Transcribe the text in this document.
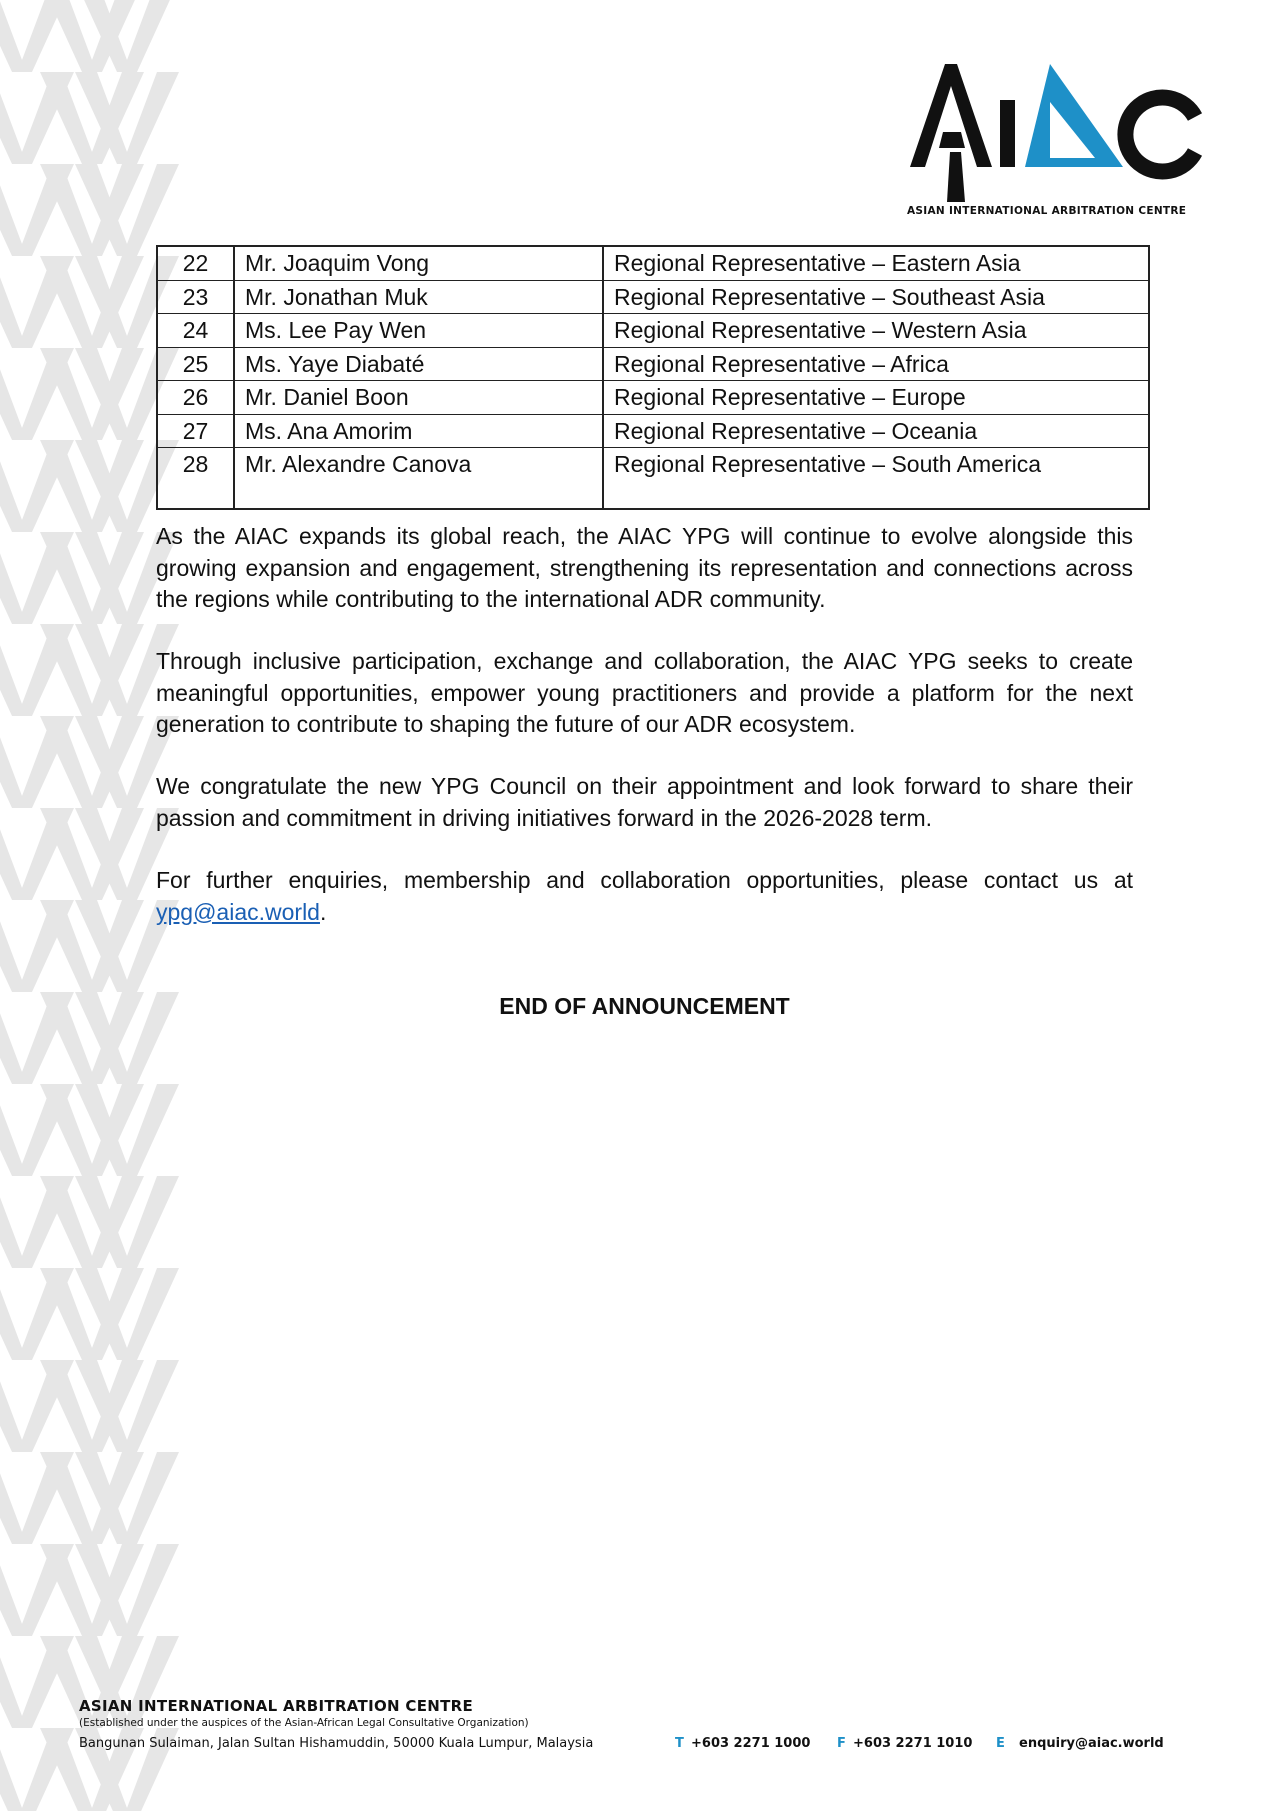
ASIAN INTERNATIONAL ARBITRATION CENTRE
22	Mr. Joaquim Vong	Regional Representative – Eastern Asia
23	Mr. Jonathan Muk	Regional Representative – Southeast Asia
24	Ms. Lee Pay Wen	Regional Representative – Western Asia
25	Ms. Yaye Diabaté	Regional Representative – Africa
26	Mr. Daniel Boon	Regional Representative – Europe
27	Ms. Ana Amorim	Regional Representative – Oceania
28	Mr. Alexandre Canova	Regional Representative – South America

As the AIAC expands its global reach, the AIAC YPG will continue to evolve alongside this growing expansion and engagement, strengthening its representation and connections across the regions while contributing to the international ADR community.

Through inclusive participation, exchange and collaboration, the AIAC YPG seeks to create meaningful opportunities, empower young practitioners and provide a platform for the next generation to contribute to shaping the future of our ADR ecosystem.

We congratulate the new YPG Council on their appointment and look forward to share their passion and commitment in driving initiatives forward in the 2026-2028 term.

For further enquiries, membership and collaboration opportunities, please contact us at ypg@aiac.world.

END OF ANNOUNCEMENT
ASIAN INTERNATIONAL ARBITRATION CENTRE
(Established under the auspices of the Asian-African Legal Consultative Organization)
Bangunan Sulaiman, Jalan Sultan Hishamuddin, 50000 Kuala Lumpur, Malaysia	T +603 2271 1000 F +603 2271 1010 E enquiry@aiac.world
